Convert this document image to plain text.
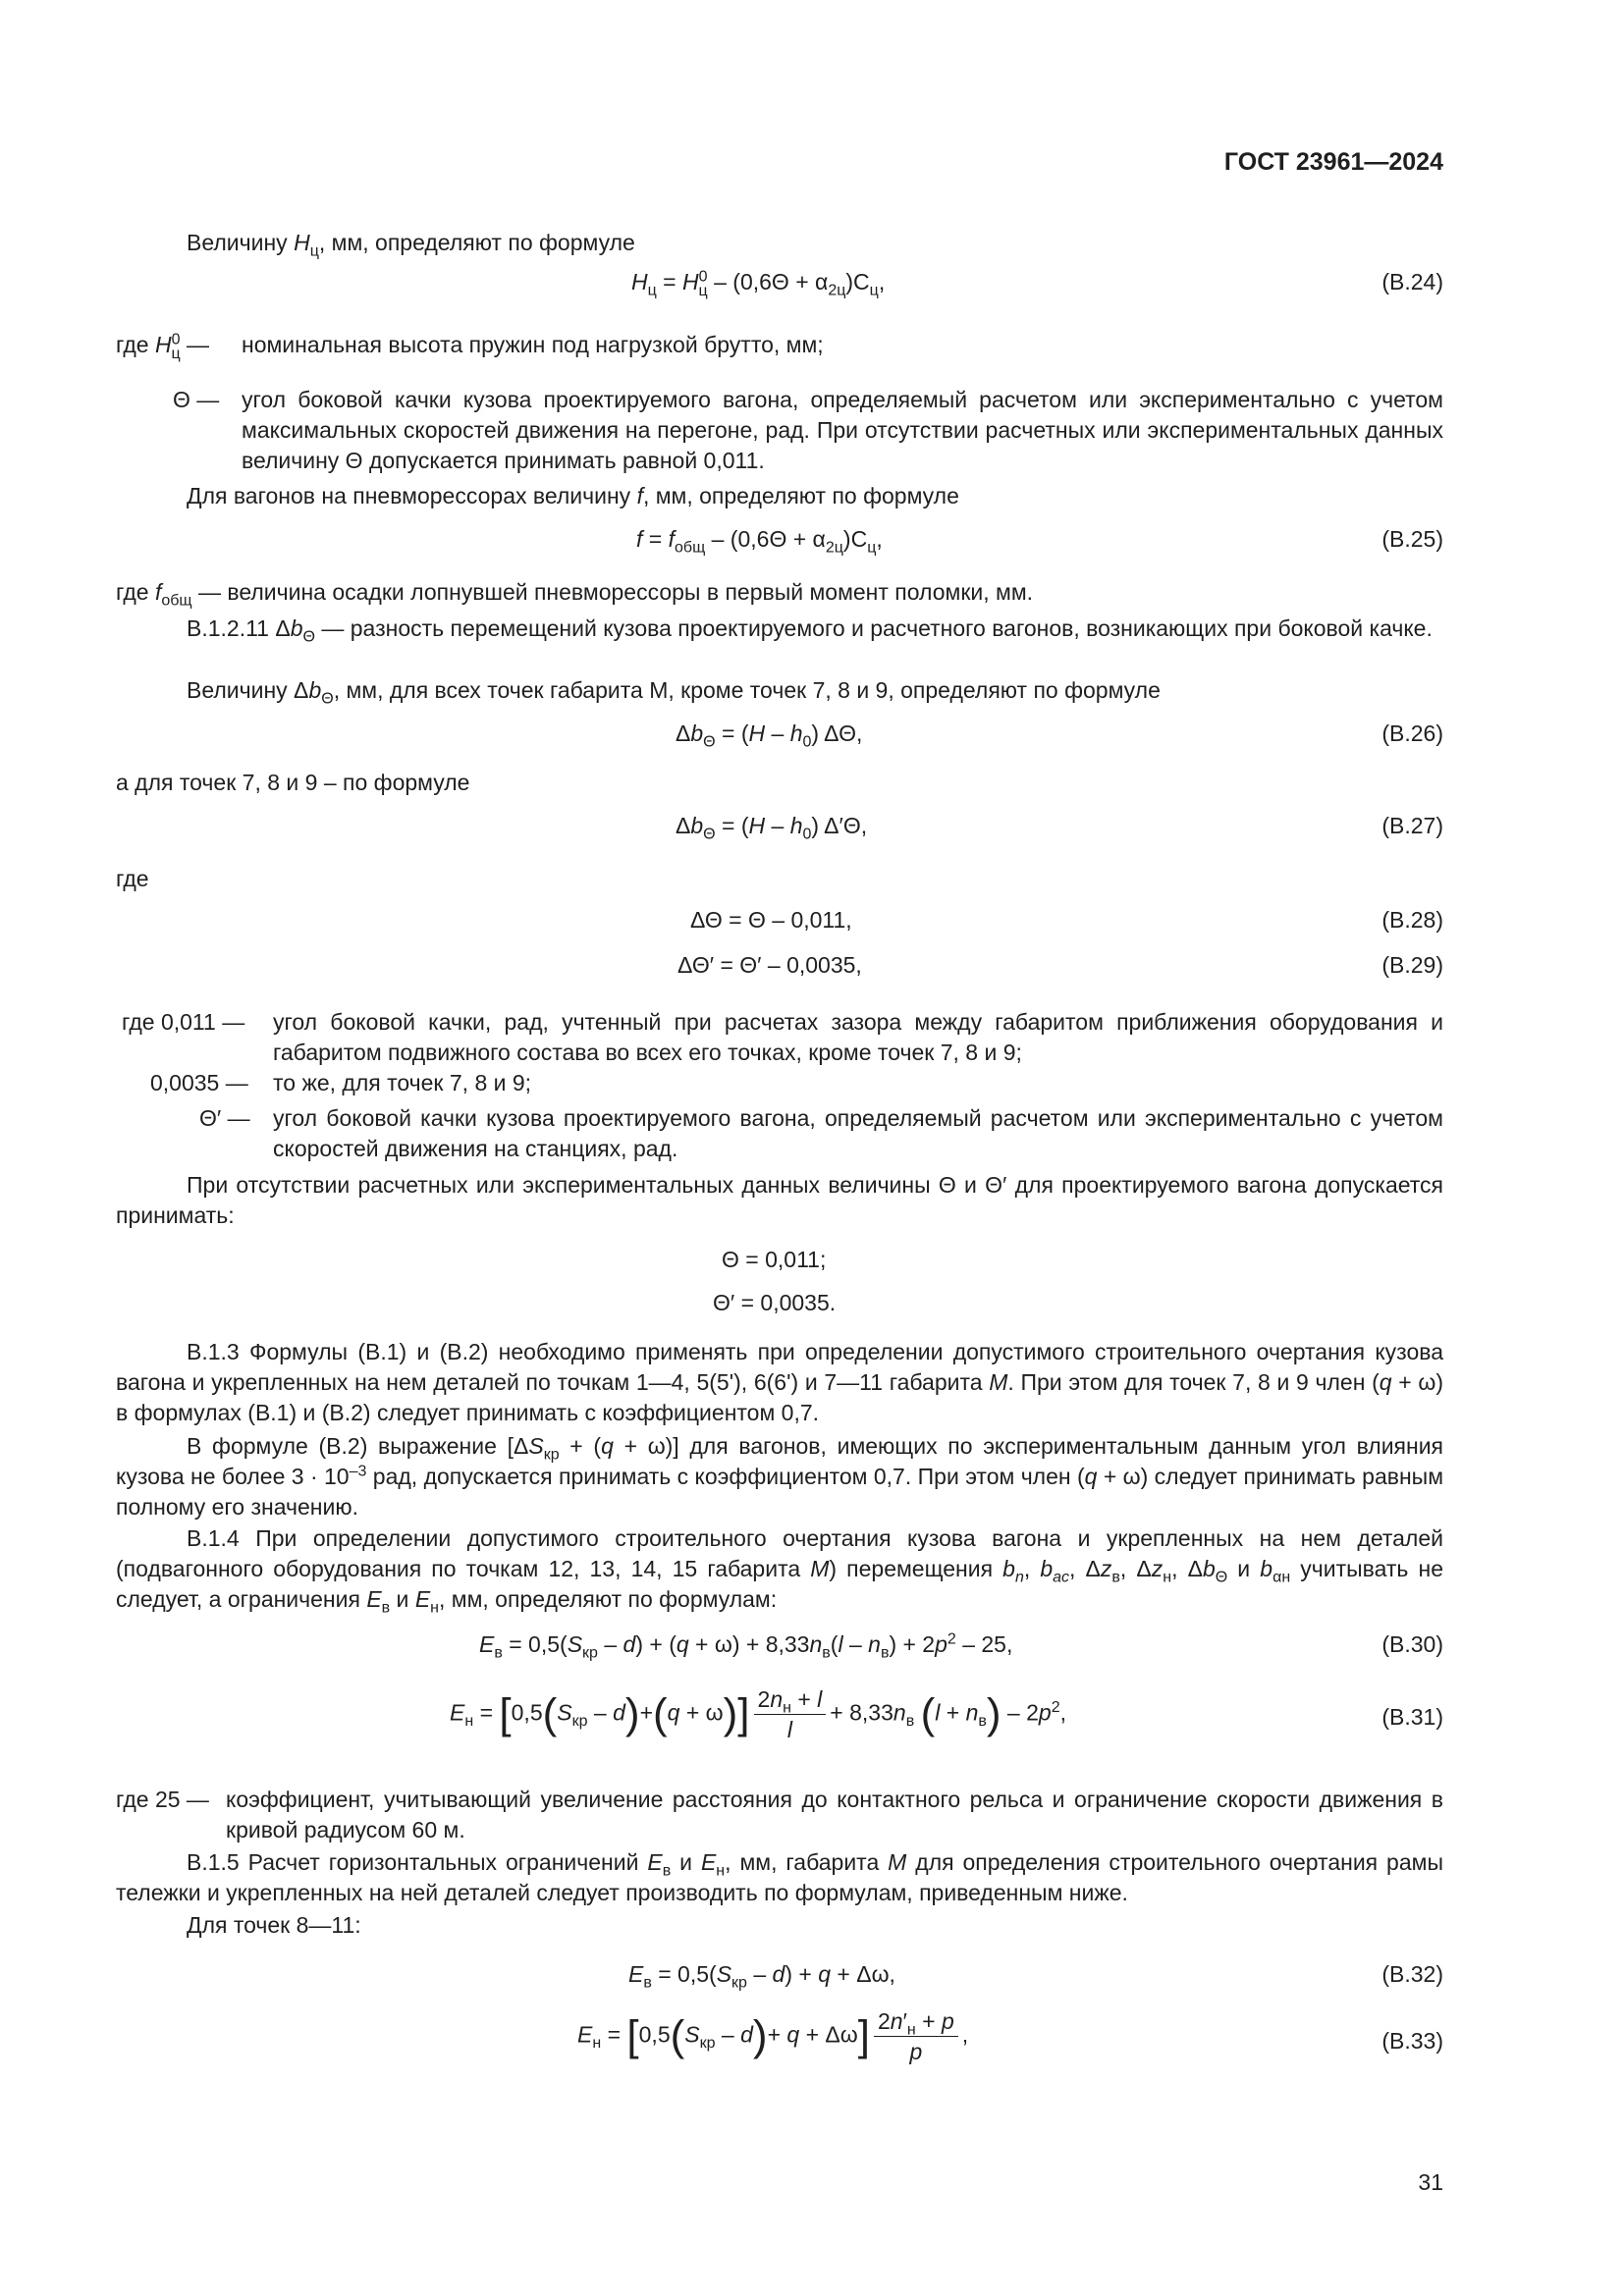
ГОСТ 23961—2024
Величину $H_ц$, мм, определяют по формуле
$H_ц = H^0_ц - (0,6\Theta + \alpha_{2ц})С_ц$,	(В.24)
где $H^0_ц$ — номинальная высота пружин под нагрузкой брутто, мм;
Θ — угол боковой качки кузова проектируемого вагона, определяемый расчетом или экспериментально с учетом максимальных скоростей движения на перегоне, рад. При отсутствии расчетных или экспериментальных данных величину Θ допускается принимать равной 0,011.
Для вагонов на пневморессорах величину f, мм, определяют по формуле
$f = f_{общ} - (0,6\Theta + \alpha_{2ц})С_ц$,	(В.25)
где $f_{общ}$ — величина осадки лопнувшей пневморессоры в первый момент поломки, мм.
В.1.2.11 $\Delta b_\Theta$ — разность перемещений кузова проектируемого и расчетного вагонов, возникающих при боковой качке.
Величину $\Delta b_\Theta$, мм, для всех точек габарита M, кроме точек 7, 8 и 9, определяют по формуле
$\Delta b_\Theta = (H - h_0)$ ΔΘ,	(В.26)
а для точек 7, 8 и 9 – по формуле
$\Delta b_\Theta = (H - h_0)$ Δ′Θ,	(В.27)
где
ΔΘ = Θ – 0,011,	(В.28)
ΔΘ′ = Θ′ – 0,0035,	(В.29)
где 0,011 — угол боковой качки, рад, учтенный при расчетах зазора между габаритом приближения оборудования и габаритом подвижного состава во всех его точках, кроме точек 7, 8 и 9;
0,0035 — то же, для точек 7, 8 и 9;
Θ′ — угол боковой качки кузова проектируемого вагона, определяемый расчетом или экспериментально с учетом скоростей движения на станциях, рад.
При отсутствии расчетных или экспериментальных данных величины Θ и Θ′ для проектируемого вагона допускается принимать:
Θ = 0,011;
Θ′ = 0,0035.
В.1.3 Формулы (В.1) и (В.2) необходимо применять при определении допустимого строительного очертания кузова вагона и укрепленных на нем деталей по точкам 1—4, 5(5'), 6(6') и 7—11 габарита М. При этом для точек 7, 8 и 9 член (q + ω) в формулах (В.1) и (В.2) следует принимать с коэффициентом 0,7.
В формуле (В.2) выражение $[\Delta S_{кр} + (q + \omega)]$ для вагонов, имеющих по экспериментальным данным угол влияния кузова не более $3 \cdot 10^{-3}$ рад, допускается принимать с коэффициентом 0,7. При этом член (q + ω) следует принимать равным полному его значению.
В.1.4 При определении допустимого строительного очертания кузова вагона и укрепленных на нем деталей (подвагонного оборудования по точкам 12, 13, 14, 15 габарита М) перемещения $b_n$, $b_{ac}$, $\Delta z_в$, $\Delta z_н$, $\Delta b_\Theta$ и $b_{\alpha н}$ учитывать не следует, а ограничения $Е_в$ и $Е_н$, мм, определяют по формулам:
$E_в = 0,5(S_{кр} - d) + (q + \omega) + 8,33n_в(l - n_в) + 2p^2 - 25$,	(В.30)
$E_н = [0,5(S_{кр} - d)+(q + \omega)] \frac{2n_н + l}{l} + 8,33n_в$ $(l + n_в) - 2p^2$,	(В.31)
где 25 — коэффициент, учитывающий увеличение расстояния до контактного рельса и ограничение скорости движения в кривой радиусом 60 м.
В.1.5 Расчет горизонтальных ограничений $Е_в$ и $Е_н$, мм, габарита М для определения строительного очертания рамы тележки и укрепленных на ней деталей следует производить по формулам, приведенным ниже.
Для точек 8—11:
$E_в = 0,5(S_{кр} - d) + q + \Delta\omega$,	(В.32)
$E_н = [0,5(S_{кр} - d)+ q + \Delta\omega] \frac{2n'_н + p}{p}$ ,	(В.33)
31
